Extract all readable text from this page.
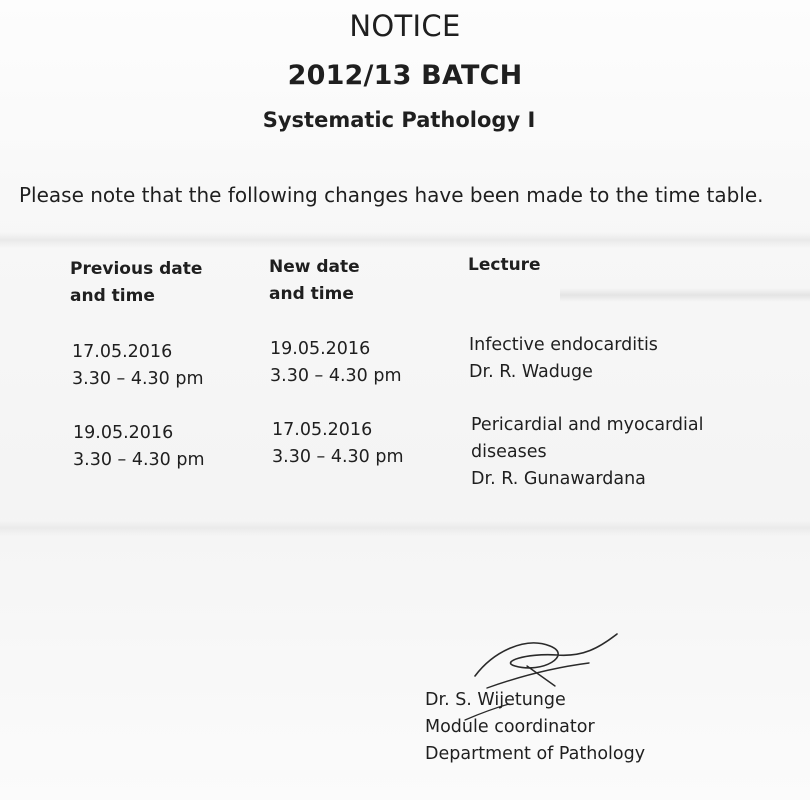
NOTICE
2012/13 BATCH
Systematic Pathology I
Please note that the following changes have been made to the time table.
Previous date
and time
New date
and time
Lecture
17.05.2016
3.30 – 4.30 pm
19.05.2016
3.30 – 4.30 pm
Infective endocarditis
Dr. R. Waduge
19.05.2016
3.30 – 4.30 pm
17.05.2016
3.30 – 4.30 pm
Pericardial and myocardial
diseases
Dr. R. Gunawardana
Dr. S. Wijetunge
Module coordinator
Department of Pathology
